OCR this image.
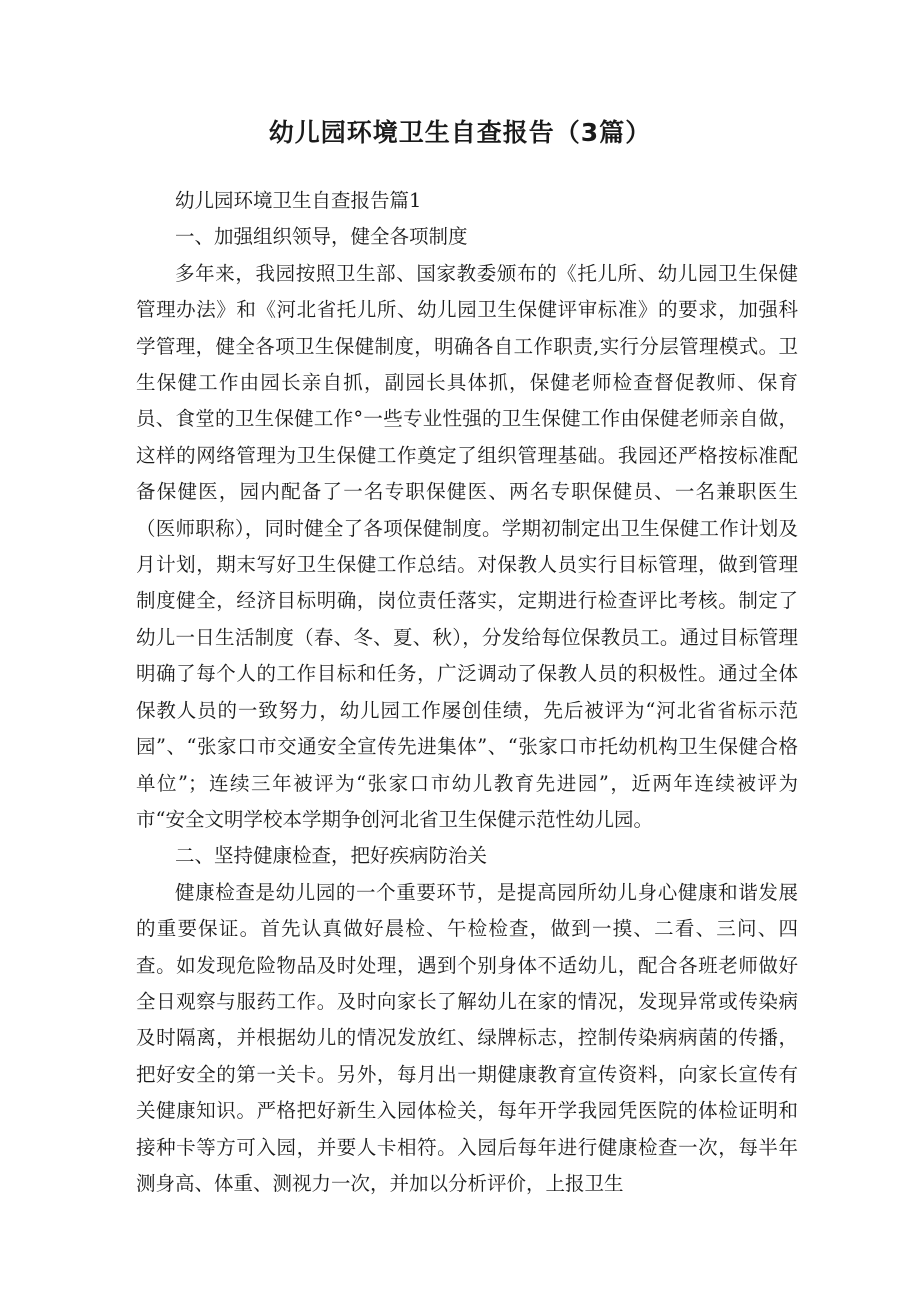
幼儿园环境卫生自查报告（3篇）

幼儿园环境卫生自查报告篇1

一、加强组织领导，健全各项制度

多年来，我园按照卫生部、国家教委颁布的《托儿所、幼儿园卫生保健管理办法》和《河北省托儿所、幼儿园卫生保健评审标准》的要求，加强科学管理，健全各项卫生保健制度，明确各自工作职责,实行分层管理模式。卫生保健工作由园长亲自抓，副园长具体抓，保健老师检查督促教师、保育员、食堂的卫生保健工作°一些专业性强的卫生保健工作由保健老师亲自做，这样的网络管理为卫生保健工作奠定了组织管理基础。我园还严格按标准配备保健医，园内配备了一名专职保健医、两名专职保健员、一名兼职医生（医师职称），同时健全了各项保健制度。学期初制定出卫生保健工作计划及月计划，期末写好卫生保健工作总结。对保教人员实行目标管理，做到管理制度健全，经济目标明确，岗位责任落实，定期进行检查评比考核。制定了幼儿一日生活制度（春、冬、夏、秋），分发给每位保教员工。通过目标管理明确了每个人的工作目标和任务，广泛调动了保教人员的积极性。通过全体保教人员的一致努力，幼儿园工作屡创佳绩，先后被评为“河北省省标示范园”、“张家口市交通安全宣传先进集体”、“张家口市托幼机构卫生保健合格单位”；连续三年被评为“张家口市幼儿教育先进园”，近两年连续被评为市“安全文明学校本学期争创河北省卫生保健示范性幼儿园。

二、坚持健康检查，把好疾病防治关

健康检查是幼儿园的一个重要环节，是提高园所幼儿身心健康和谐发展的重要保证。首先认真做好晨检、午检检查，做到一摸、二看、三问、四查。如发现危险物品及时处理，遇到个别身体不适幼儿，配合各班老师做好全日观察与服药工作。及时向家长了解幼儿在家的情况，发现异常或传染病及时隔离，并根据幼儿的情况发放红、绿牌标志，控制传染病病菌的传播，把好安全的第一关卡。另外，每月出一期健康教育宣传资料，向家长宣传有关健康知识。严格把好新生入园体检关，每年开学我园凭医院的体检证明和接种卡等方可入园，并要人卡相符。入园后每年进行健康检查一次，每半年测身高、体重、测视力一次，并加以分析评价，上报卫生
